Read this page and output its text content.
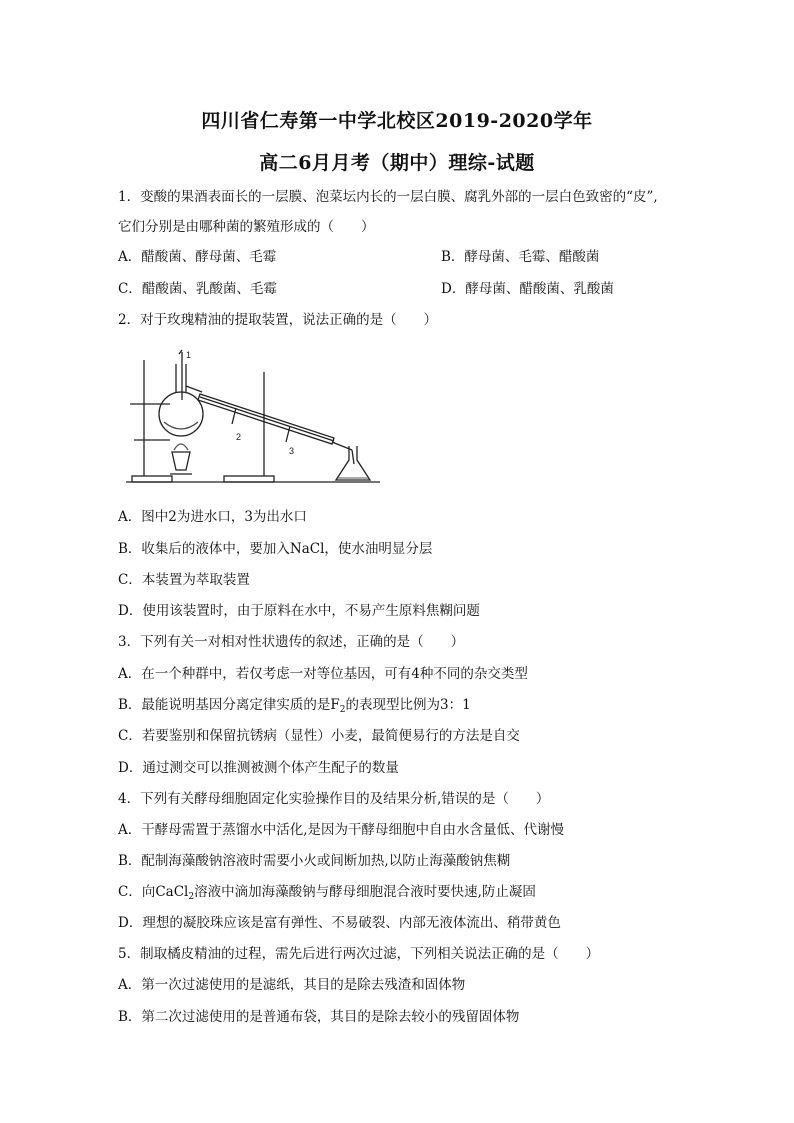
四川省仁寿第一中学北校区2019-2020学年
高二6月月考（期中）理综-试题
1．变酸的果酒表面长的一层膜、泡菜坛内长的一层白膜、腐乳外部的一层白色致密的“皮”,
它们分别是由哪种菌的繁殖形成的（　　）
A．醋酸菌、酵母菌、毛霉	B．酵母菌、毛霉、醋酸菌
C．醋酸菌、乳酸菌、毛霉	D．酵母菌、醋酸菌、乳酸菌
2．对于玫瑰精油的提取装置，说法正确的是（　　）
1
2
3
A．图中2为进水口，3为出水口
B．收集后的液体中，要加入NaCl，使水油明显分层
C．本装置为萃取装置
D．使用该装置时，由于原料在水中，不易产生原料焦糊问题
3．下列有关一对相对性状遗传的叙述，正确的是（　　）
A．在一个种群中，若仅考虑一对等位基因，可有4种不同的杂交类型
B．最能说明基因分离定律实质的是$F_2$的表现型比例为3：1
C．若要鉴别和保留抗锈病（显性）小麦，最简便易行的方法是自交
D．通过测交可以推测被测个体产生配子的数量
4．下列有关酵母细胞固定化实验操作目的及结果分析,错误的是（　　）
A．干酵母需置于蒸馏水中活化,是因为干酵母细胞中自由水含量低、代谢慢
B．配制海藻酸钠溶液时需要小火或间断加热,以防止海藻酸钠焦糊
C．向CaCl$_2$溶液中滴加海藻酸钠与酵母细胞混合液时要快速,防止凝固
D．理想的凝胶珠应该是富有弹性、不易破裂、内部无液体流出、稍带黄色
5．制取橘皮精油的过程，需先后进行两次过滤，下列相关说法正确的是（　　）
A．第一次过滤使用的是滤纸，其目的是除去残渣和固体物
B．第二次过滤使用的是普通布袋，其目的是除去较小的残留固体物
